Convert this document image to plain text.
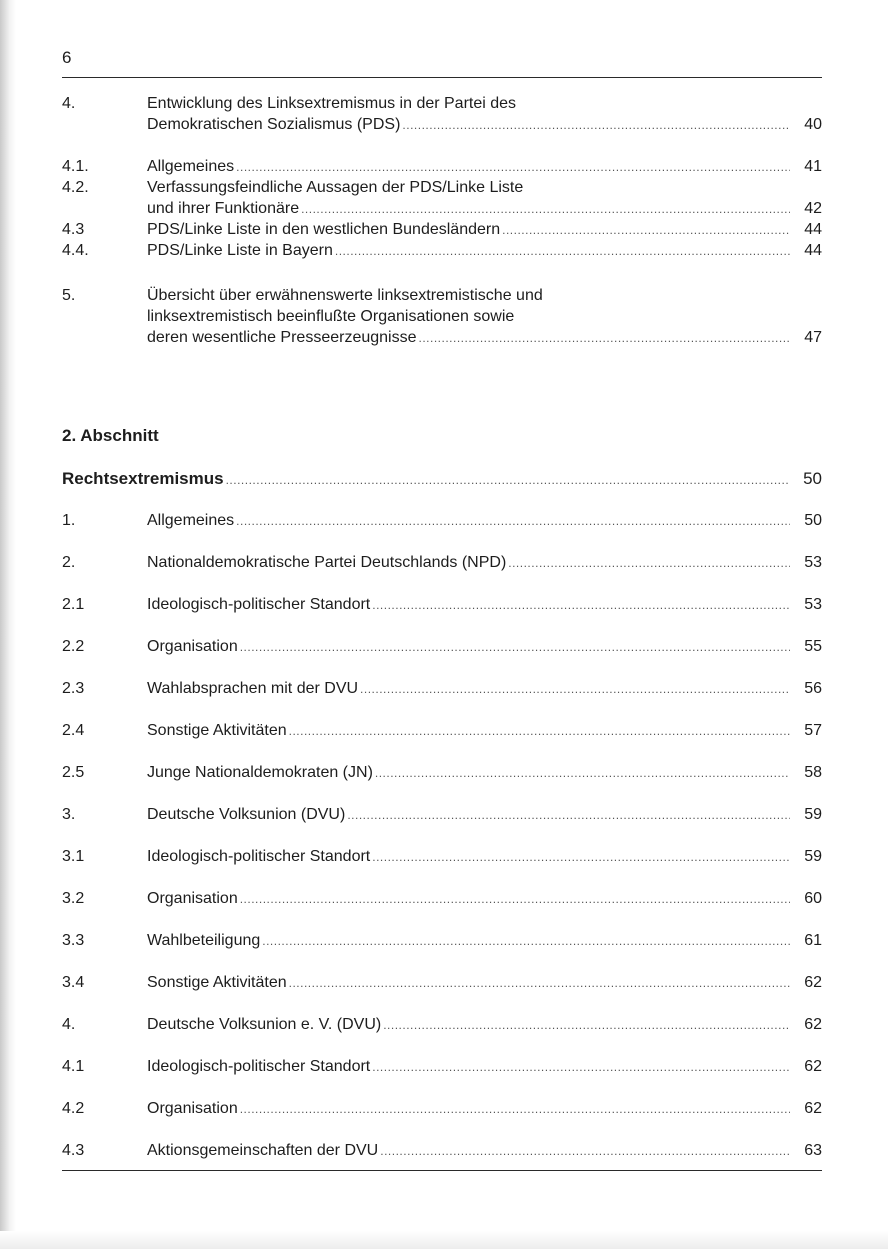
6
4.	Entwicklung des Linksextremismus in der Partei des
Demokratischen Sozialismus (PDS) .....	40
4.1.	Allgemeines .....	41
4.2.	Verfassungsfeindliche Aussagen der PDS/Linke Liste
und ihrer Funktionäre .....	42
4.3	PDS/Linke Liste in den westlichen Bundesländern .....	44
4.4.	PDS/Linke Liste in Bayern .....	44
5.	Übersicht über erwähnenswerte linksextremistische und
linksextremistisch beeinflußte Organisationen sowie
deren wesentliche Presseerzeugnisse .....	47
2. Abschnitt
Rechtsextremismus .....	50
1.	Allgemeines .....	50
2.	Nationaldemokratische Partei Deutschlands (NPD) .....	53
2.1	Ideologisch-politischer Standort .....	53
2.2	Organisation .....	55
2.3	Wahlabsprachen mit der DVU .....	56
2.4	Sonstige Aktivitäten .....	57
2.5	Junge Nationaldemokraten (JN) .....	58
3.	Deutsche Volksunion (DVU) .....	59
3.1	Ideologisch-politischer Standort .....	59
3.2	Organisation .....	60
3.3	Wahlbeteiligung .....	61
3.4	Sonstige Aktivitäten .....	62
4.	Deutsche Volksunion e. V. (DVU) .....	62
4.1	Ideologisch-politischer Standort .....	62
4.2	Organisation .....	62
4.3	Aktionsgemeinschaften der DVU .....	63
